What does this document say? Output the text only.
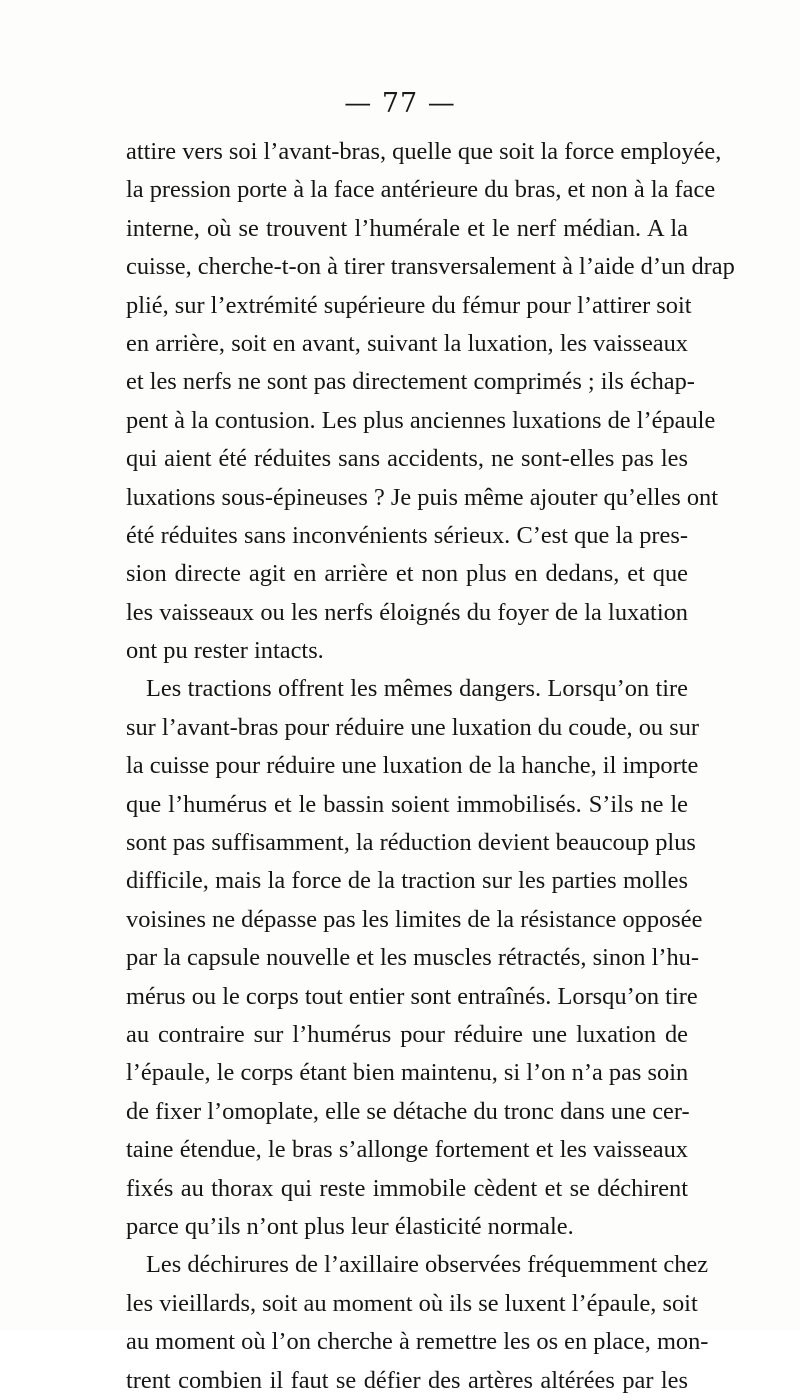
— 77 —
attire vers soi l’avant-bras, quelle que soit la force employée,
la pression porte à la face antérieure du bras, et non à la face
interne, où se trouvent l’humérale et le nerf médian. A la
cuisse, cherche-t-on à tirer transversalement à l’aide d’un drap
plié, sur l’extrémité supérieure du fémur pour l’attirer soit
en arrière, soit en avant, suivant la luxation, les vaisseaux
et les nerfs ne sont pas directement comprimés ; ils échap-
pent à la contusion. Les plus anciennes luxations de l’épaule
qui aient été réduites sans accidents, ne sont-elles pas les
luxations sous-épineuses ? Je puis même ajouter qu’elles ont
été réduites sans inconvénients sérieux. C’est que la pres-
sion directe agit en arrière et non plus en dedans, et que
les vaisseaux ou les nerfs éloignés du foyer de la luxation
ont pu rester intacts.
Les tractions offrent les mêmes dangers. Lorsqu’on tire
sur l’avant-bras pour réduire une luxation du coude, ou sur
la cuisse pour réduire une luxation de la hanche, il importe
que l’humérus et le bassin soient immobilisés. S’ils ne le
sont pas suffisamment, la réduction devient beaucoup plus
difficile, mais la force de la traction sur les parties molles
voisines ne dépasse pas les limites de la résistance opposée
par la capsule nouvelle et les muscles rétractés, sinon l’hu-
mérus ou le corps tout entier sont entraînés. Lorsqu’on tire
au contraire sur l’humérus pour réduire une luxation de
l’épaule, le corps étant bien maintenu, si l’on n’a pas soin
de fixer l’omoplate, elle se détache du tronc dans une cer-
taine étendue, le bras s’allonge fortement et les vaisseaux
fixés au thorax qui reste immobile cèdent et se déchirent
parce qu’ils n’ont plus leur élasticité normale.
Les déchirures de l’axillaire observées fréquemment chez
les vieillards, soit au moment où ils se luxent l’épaule, soit
au moment où l’on cherche à remettre les os en place, mon-
trent combien il faut se défier des artères altérées par les
